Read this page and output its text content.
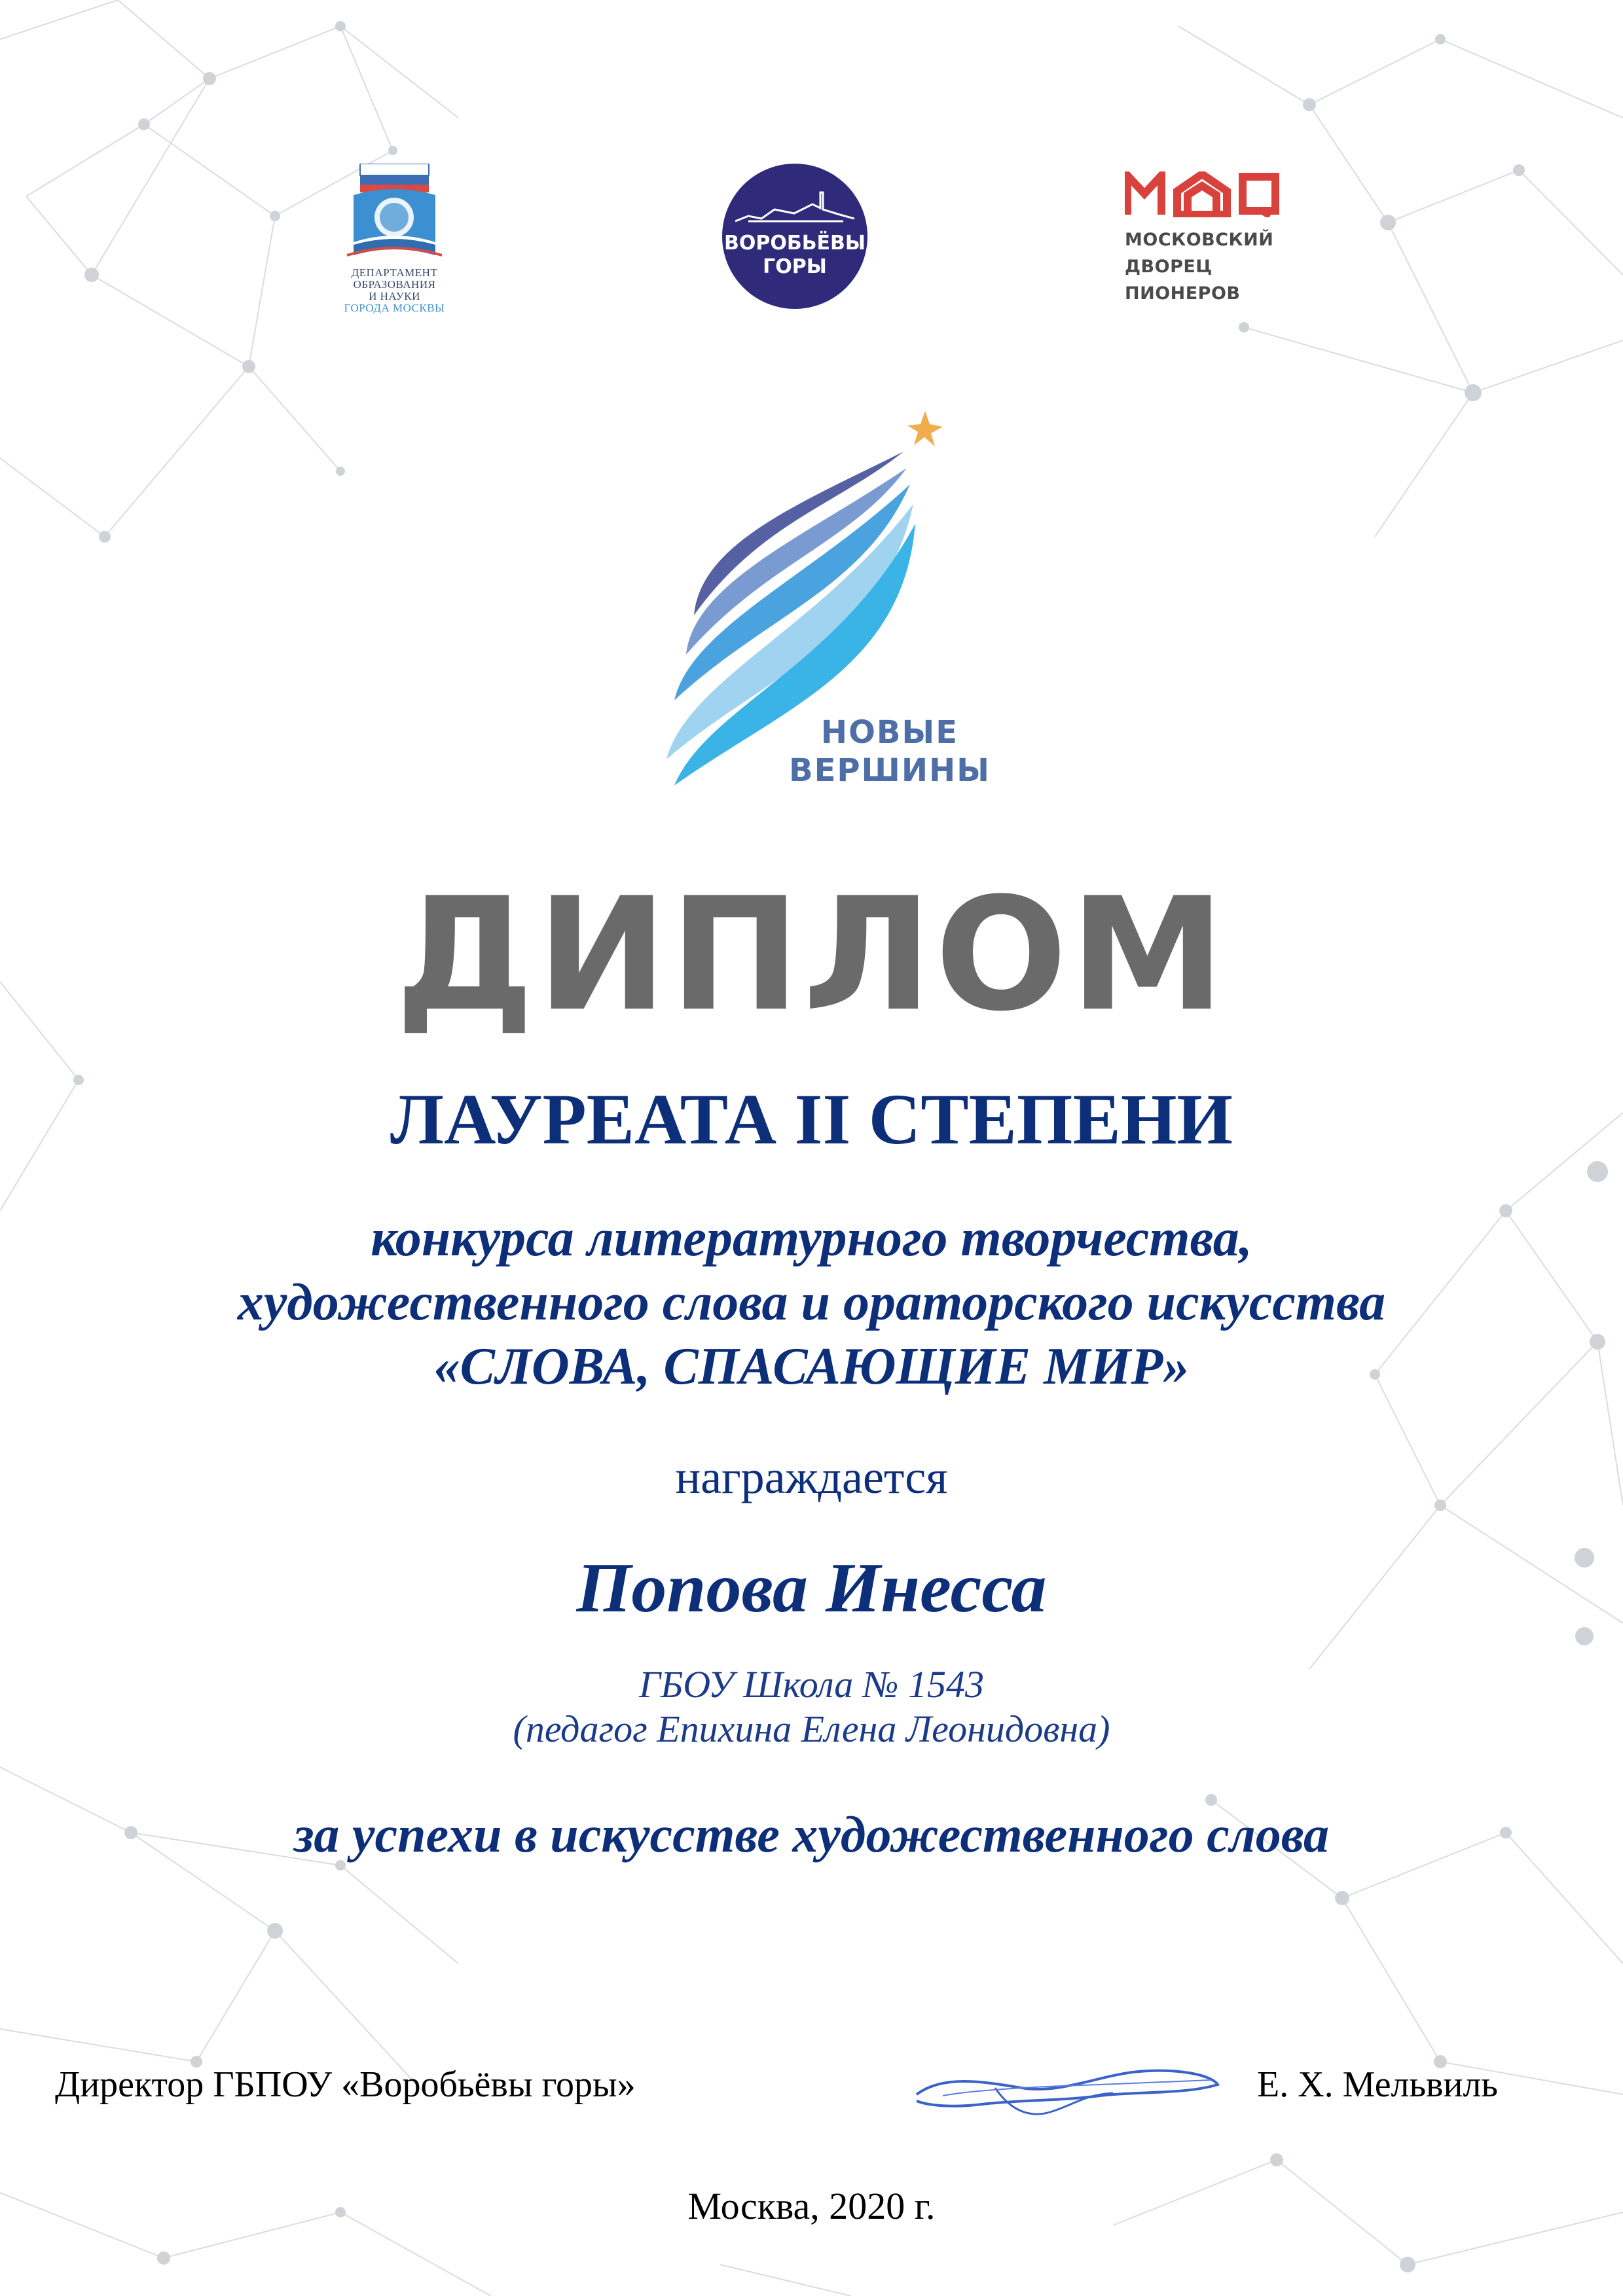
ДЕПАРТАМЕНТ
ОБРАЗОВАНИЯ
И НАУКИ
ГОРОДА МОСКВЫ
ВОРОБЬЁВЫ
ГОРЫ
МОСКОВСКИЙ
ДВОРЕЦ
ПИОНЕРОВ
НОВЫЕ
ВЕРШИНЫ
ДИПЛОМ
ЛАУРЕАТА II СТЕПЕНИ
конкурса литературного творчества,
художественного слова и ораторского искусства
«СЛОВА, СПАСАЮЩИЕ МИР»
награждается
Попова Инесса
ГБОУ Школа № 1543
(педагог Епихина Елена Леонидовна)
за успехи в искусстве художественного слова
Директор ГБПОУ «Воробьёвы горы»	Е. Х. Мельвиль
Москва, 2020 г.
